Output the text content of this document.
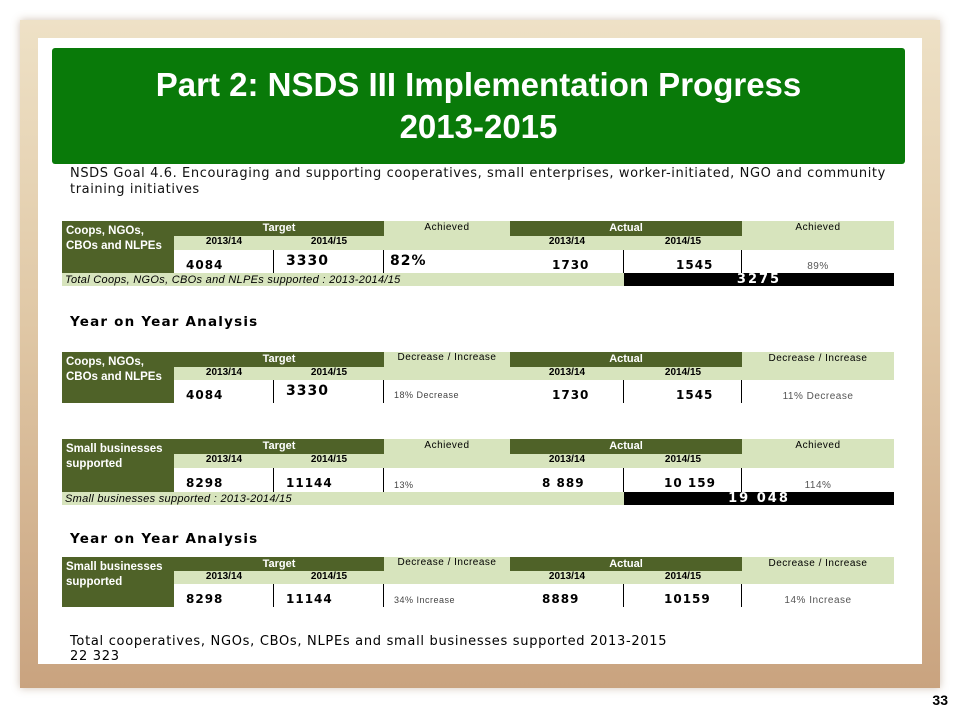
Part 2: NSDS III Implementation Progress
2013-2015
NSDS Goal 4.6. Encouraging and supporting cooperatives, small enterprises, worker-initiated, NGO and community training initiatives
Coops, NGOs, CBOs and NLPEs
Target	Achieved	Actual	Achieved
2013/14	2014/15	2013/14	2014/15
4084	3330	82%	1730	1545	89%
Total Coops, NGOs, CBOs and NLPEs supported : 2013-2014/15	3275
Year on Year Analysis
Coops, NGOs, CBOs and NLPEs
Target	Decrease / Increase	Actual	Decrease / Increase
2013/14	2014/15	2013/14	2014/15
4084	3330	18% Decrease	1730	1545	11% Decrease
Small businesses supported
Target	Achieved	Actual	Achieved
2013/14	2014/15	2013/14	2014/15
8298	11144	13%	8 889	10 159	114%
Small businesses supported : 2013-2014/15	19 048
Year on Year Analysis
Small businesses supported
Target	Decrease / Increase	Actual	Decrease / Increase
2013/14	2014/15	2013/14	2014/15
8298	11144	34% Increase	8889	10159	14% Increase
Total cooperatives, NGOs, CBOs, NLPEs and small businesses supported 2013-2015
22 323
33
